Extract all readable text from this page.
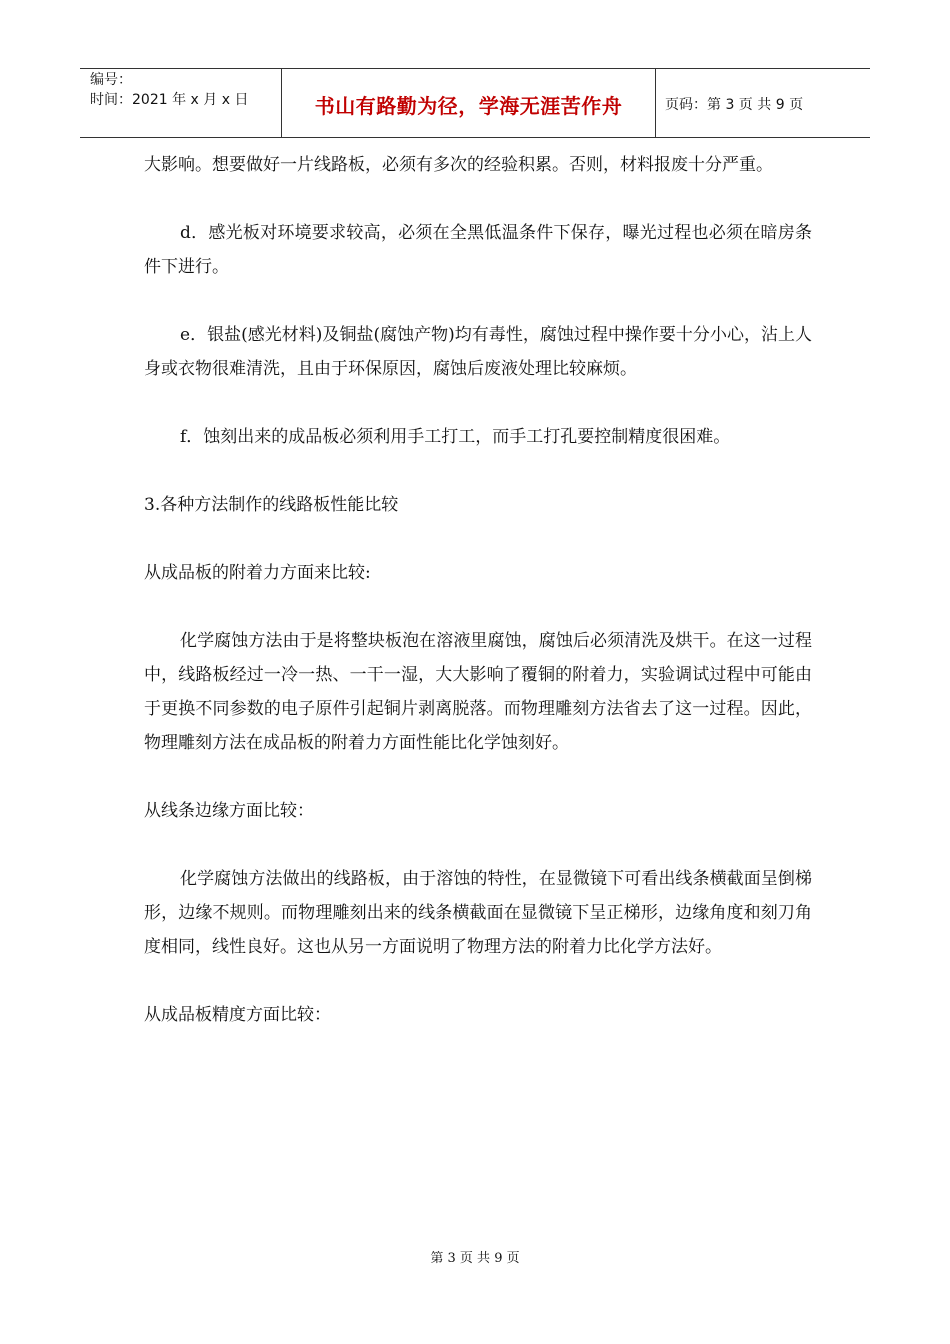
编号：
时间：2021 年 x 月 x 日	书山有路勤为径，学海无涯苦作舟	页码：第 3 页 共 9 页

大影响。想要做好一片线路板，必须有多次的经验积累。否则，材料报废十分严重。

d．感光板对环境要求较高，必须在全黑低温条件下保存，曝光过程也必须在暗房条件下进行。

e．银盐(感光材料)及铜盐(腐蚀产物)均有毒性，腐蚀过程中操作要十分小心，沾上人身或衣物很难清洗，且由于环保原因，腐蚀后废液处理比较麻烦。

f．蚀刻出来的成品板必须利用手工打工，而手工打孔要控制精度很困难。

3.各种方法制作的线路板性能比较

从成品板的附着力方面来比较:

化学腐蚀方法由于是将整块板泡在溶液里腐蚀，腐蚀后必须清洗及烘干。在这一过程中，线路板经过一冷一热、一干一湿，大大影响了覆铜的附着力，实验调试过程中可能由于更换不同参数的电子原件引起铜片剥离脱落。而物理雕刻方法省去了这一过程。因此，物理雕刻方法在成品板的附着力方面性能比化学蚀刻好。

从线条边缘方面比较：

化学腐蚀方法做出的线路板，由于溶蚀的特性，在显微镜下可看出线条横截面呈倒梯形，边缘不规则。而物理雕刻出来的线条横截面在显微镜下呈正梯形，边缘角度和刻刀角度相同，线性良好。这也从另一方面说明了物理方法的附着力比化学方法好。

从成品板精度方面比较：

第 3 页 共 9 页
